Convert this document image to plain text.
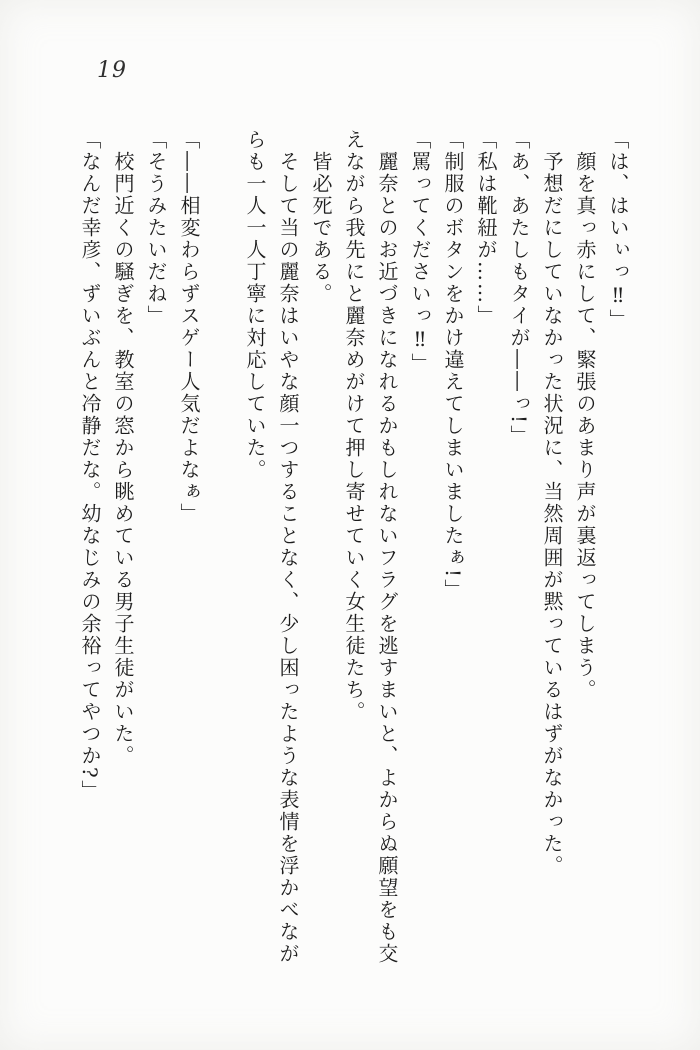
19

「は、はいぃっ‼」

顔を真っ赤にして、緊張のあまり声が裏返ってしまう。

予想だにしていなかった状況に、当然周囲が黙っているはずがなかった。

「あ、あたしもタイが――っ!」

「私は靴紐が……」

「制服のボタンをかけ違えてしまいましたぁ!」

「罵ってくださいっ‼」

麗奈とのお近づきになれるかもしれないフラグを逃すまいと、よからぬ願望をも交

えながら我先にと麗奈めがけて押し寄せていく女生徒たち。

皆必死である。

そして当の麗奈はいやな顔一つすることなく、少し困ったような表情を浮かべなが

らも一人一人丁寧に対応していた。

「――相変わらずスゲー人気だよなぁ」

「そうみたいだね」

校門近くの騒ぎを、教室の窓から眺めている男子生徒がいた。

「なんだ幸彦、ずいぶんと冷静だな。幼なじみの余裕ってやつか?」
